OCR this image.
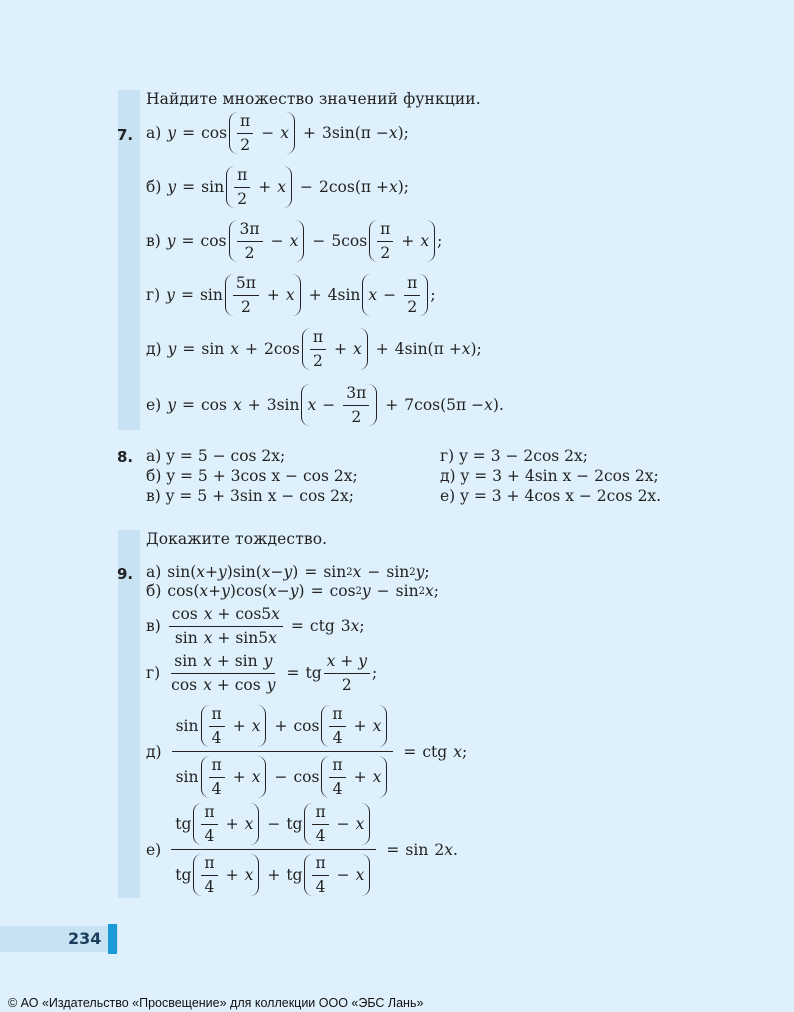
Найдите множество значений функции.
7. а) $y = \cos \frac{\pi}{2} - x + 3\sin(\pi - x$ );
б) $y = \sin \frac{\pi}{2} + x - 2\cos(\pi + x$ );
в) $y = \cos \frac{3\pi}{2} - x - 5\cos \frac{\pi}{2} + x$ ;
г) $y = \sin \frac{5\pi}{2} + x + 4\sin$ $x - \frac{\pi}{2}$ ;
д) $y = \sin x + 2\cos \frac{\pi}{2} + x + 4\sin(\pi + x$ );
е) y = cos x + 3sin $x - \frac{3\pi}{2} + 7\cos(5\pi - x$ ).
8. а) y = 5 − cos 2x;
б) y = 5 + 3cos x − cos 2x;
в) y = 5 + 3sin x − cos 2x;
г) y = 3 − 2cos 2x;
д) y = 3 + 4sin x − 2cos 2x;
е) y = 3 + 4cos x − 2cos 2x.
Докажите тождество.
9. а) sin( x + y )sin( x − y ) = sin 2 x − sin 2 y ;
б) cos( x + y )cos( x − y ) = cos 2 y − sin 2 x ;
$в) \frac{\text{cos x + cos5x}}{\text{sin x + sin5x}}$ = ctg 3 x ;
$г) \frac{\text{sin x + sin y}}{\text{cos x + cos y}}$ = tg $\frac{x + y}{2}$ ;
$д) \frac{\sin \frac{\pi}{4} + x + \cos \frac{\pi}{4} + x}{\sin \frac{\pi}{4} + x - \cos \frac{\pi}{4} + x}$ = ctg x ;
е)
tg $\frac{\pi}{4} + x$ − tg $\frac{\pi}{4} - x$
tg $\frac{\pi}{4} + x$ + tg $\frac{\pi}{4} - x$
= sin 2 x .
234
© АО «Издательство «Просвещение» для коллекции ООО «ЭБС Лань»
